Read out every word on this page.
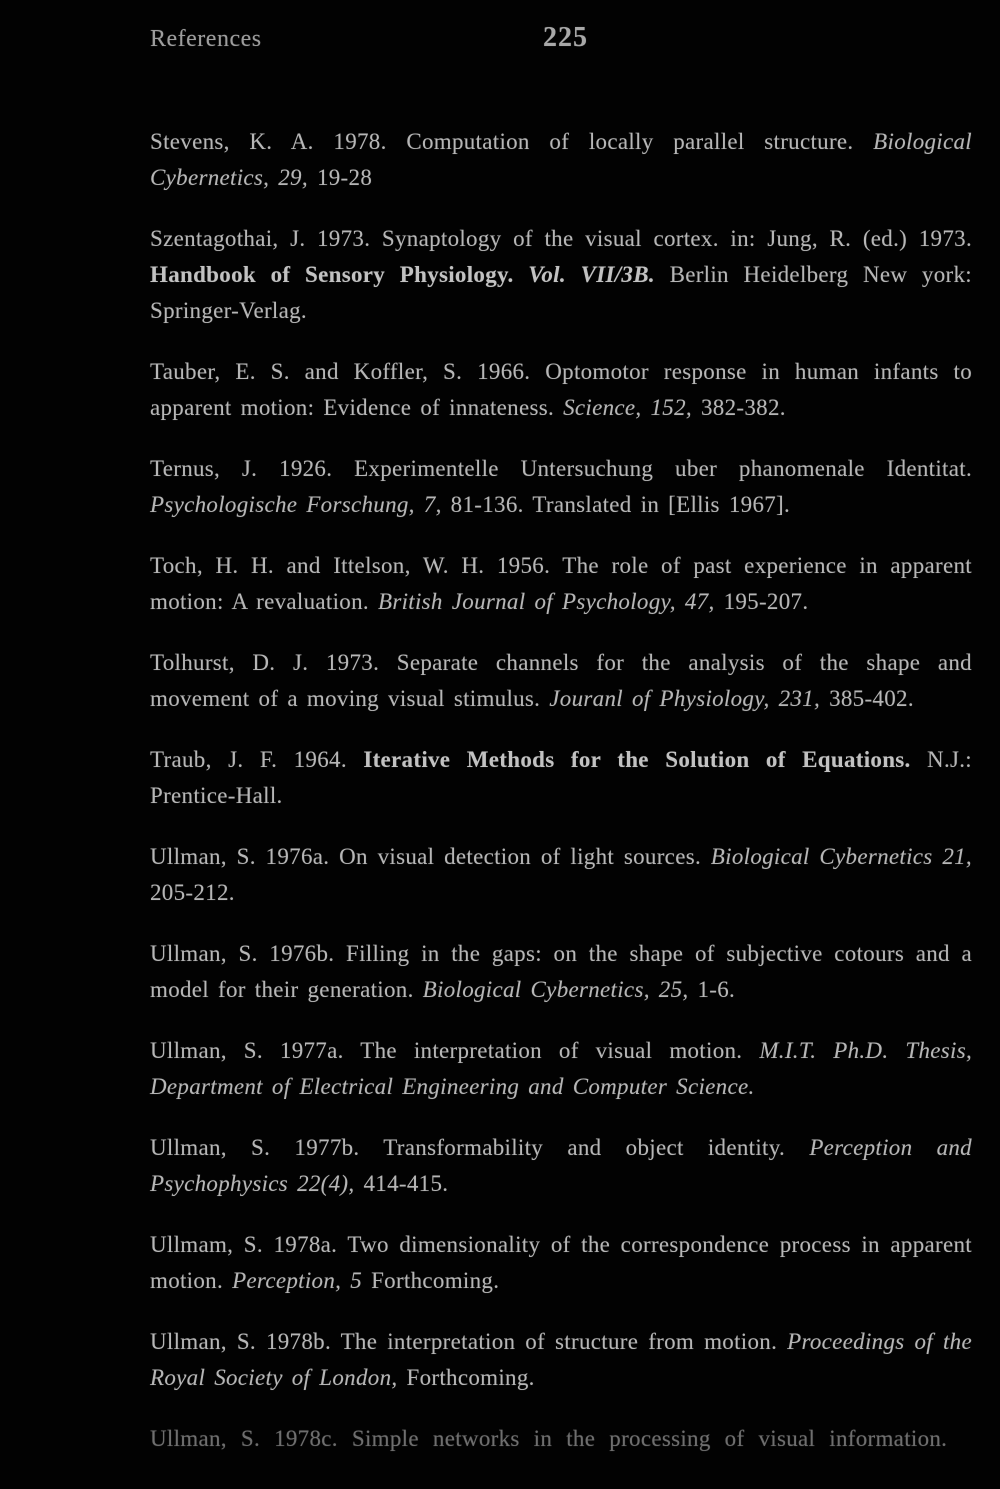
References	225

Stevens, K. A. 1978. Computation of locally parallel structure. Biological Cybernetics, 29, 19-28

Szentagothai, J. 1973. Synaptology of the visual cortex. in: Jung, R. (ed.) 1973. Handbook of Sensory Physiology. Vol. VII/3B. Berlin Heidelberg New york: Springer-Verlag.

Tauber, E. S. and Koffler, S. 1966. Optomotor response in human infants to apparent motion: Evidence of innateness. Science, 152, 382-382.

Ternus, J. 1926. Experimentelle Untersuchung uber phanomenale Identitat. Psychologische Forschung, 7, 81-136. Translated in [Ellis 1967].

Toch, H. H. and Ittelson, W. H. 1956. The role of past experience in apparent motion: A revaluation. British Journal of Psychology, 47, 195-207.

Tolhurst, D. J. 1973. Separate channels for the analysis of the shape and movement of a moving visual stimulus. Jouranl of Physiology, 231, 385-402.

Traub, J. F. 1964. Iterative Methods for the Solution of Equations. N.J.: Prentice-Hall.

Ullman, S. 1976a. On visual detection of light sources. Biological Cybernetics 21, 205-212.

Ullman, S. 1976b. Filling in the gaps: on the shape of subjective cotours and a model for their generation. Biological Cybernetics, 25, 1-6.

Ullman, S. 1977a. The interpretation of visual motion. M.I.T. Ph.D. Thesis, Department of Electrical Engineering and Computer Science.

Ullman, S. 1977b. Transformability and object identity. Perception and Psychophysics 22(4), 414-415.

Ullmam, S. 1978a. Two dimensionality of the correspondence process in apparent motion. Perception, 5 Forthcoming.

Ullman, S. 1978b. The interpretation of structure from motion. Proceedings of the Royal Society of London, Forthcoming.

Ullman, S. 1978c. Simple networks in the processing of visual information.
